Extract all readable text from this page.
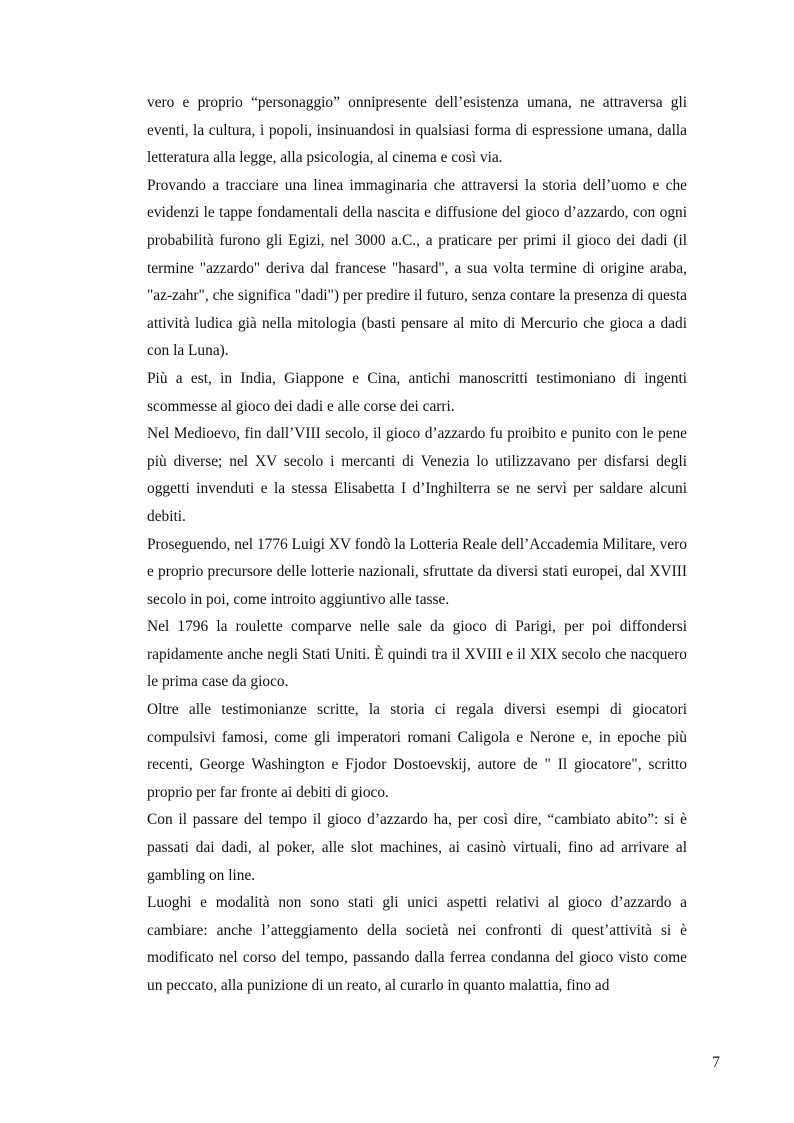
vero e proprio “personaggio” onnipresente dell’esistenza umana, ne attraversa gli eventi, la cultura, i popoli, insinuandosi in qualsiasi forma di espressione umana, dalla letteratura alla legge, alla psicologia, al cinema e così via.

Provando a tracciare una linea immaginaria che attraversi la storia dell’uomo e che evidenzi le tappe fondamentali della nascita e diffusione del gioco d’azzardo, con ogni probabilità furono gli Egizi, nel 3000 a.C., a praticare per primi il gioco dei dadi (il termine "azzardo" deriva dal francese "hasard", a sua volta termine di origine araba, "az-zahr", che significa "dadi") per predire il futuro, senza contare la presenza di questa attività ludica già nella mitologia (basti pensare al mito di Mercurio che gioca a dadi con la Luna).

Più a est, in India, Giappone e Cina, antichi manoscritti testimoniano di ingenti scommesse al gioco dei dadi e alle corse dei carri.

Nel Medioevo, fin dall’VIII secolo, il gioco d’azzardo fu proibito e punito con le pene più diverse; nel XV secolo i mercanti di Venezia lo utilizzavano per disfarsi degli oggetti invenduti e la stessa Elisabetta I d’Inghilterra se ne servì per saldare alcuni debiti.

Proseguendo, nel 1776 Luigi XV fondò la Lotteria Reale dell’Accademia Militare, vero e proprio precursore delle lotterie nazionali, sfruttate da diversi stati europei, dal XVIII secolo in poi, come introito aggiuntivo alle tasse.

Nel 1796 la roulette comparve nelle sale da gioco di Parigi, per poi diffondersi rapidamente anche negli Stati Uniti. È quindi tra il XVIII e il XIX secolo che nacquero le prima case da gioco.

Oltre alle testimonianze scritte, la storia ci regala diversi esempi di giocatori compulsivi famosi, come gli imperatori romani Caligola e Nerone e, in epoche più recenti, George Washington e Fjodor Dostoevskij, autore de " Il giocatore", scritto proprio per far fronte ai debiti di gioco.

Con il passare del tempo il gioco d’azzardo ha, per così dire, “cambiato abito”: si è passati dai dadi, al poker, alle slot machines, ai casinò virtuali, fino ad arrivare al gambling on line.

Luoghi e modalità non sono stati gli unici aspetti relativi al gioco d’azzardo a cambiare: anche l’atteggiamento della società nei confronti di quest’attività si è modificato nel corso del tempo, passando dalla ferrea condanna del gioco visto come un peccato, alla punizione di un reato, al curarlo in quanto malattia, fino ad

7
